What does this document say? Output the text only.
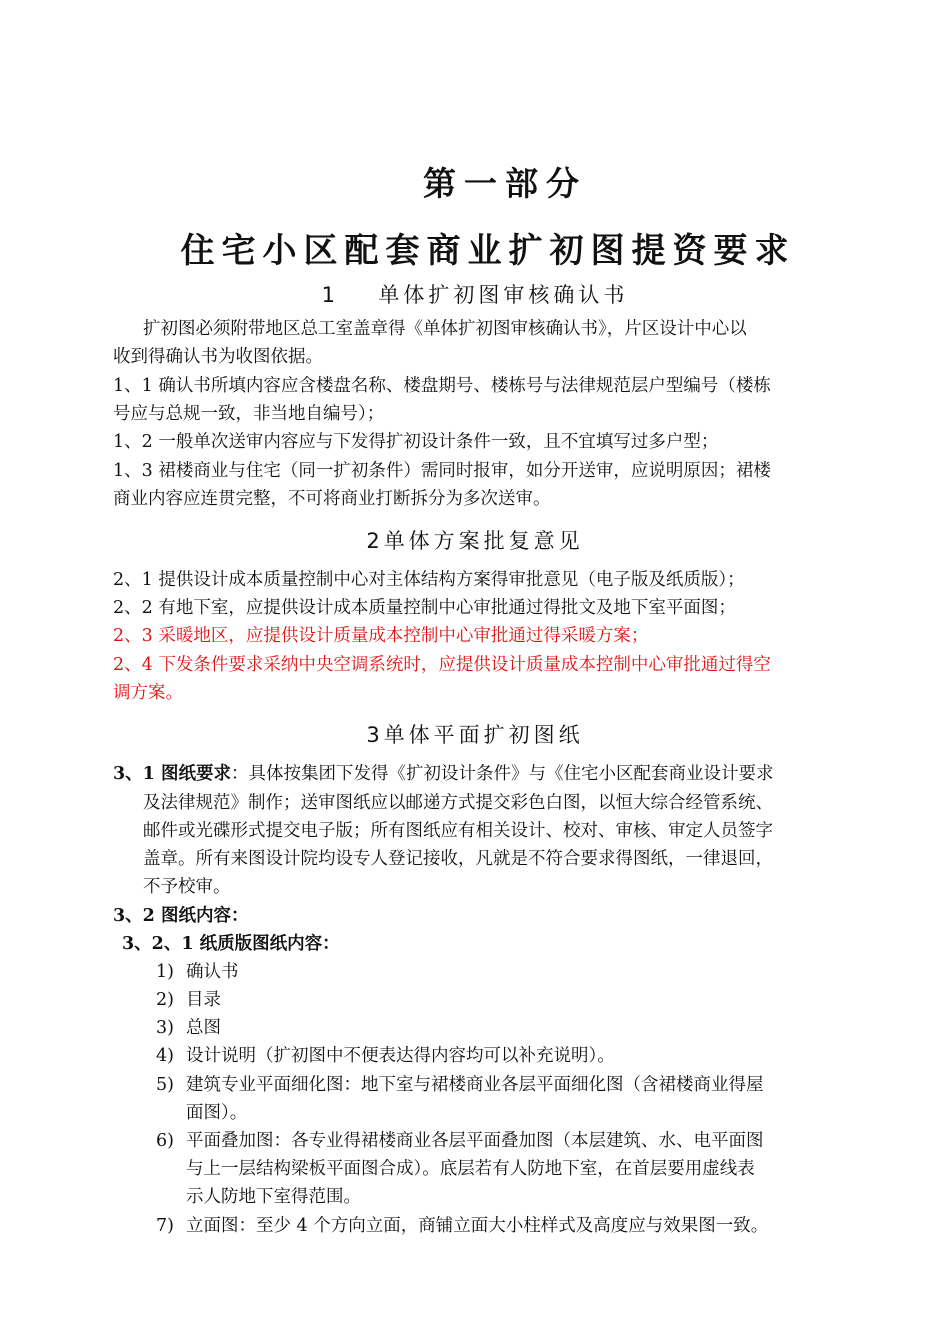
第一部分
住宅小区配套商业扩初图提资要求
1 单体扩初图审核确认书
扩初图必须附带地区总工室盖章得《单体扩初图审核确认书》，片区设计中心以
收到得确认书为收图依据。
1、1 确认书所填内容应含楼盘名称、楼盘期号、楼栋号与法律规范层户型编号（楼栋
号应与总规一致，非当地自编号）；
1、2 一般单次送审内容应与下发得扩初设计条件一致，且不宜填写过多户型；
1、3 裙楼商业与住宅（同一扩初条件）需同时报审，如分开送审，应说明原因；裙楼
商业内容应连贯完整，不可将商业打断拆分为多次送审。
2单体方案批复意见
2、1 提供设计成本质量控制中心对主体结构方案得审批意见（电子版及纸质版）；
2、2 有地下室，应提供设计成本质量控制中心审批通过得批文及地下室平面图；
2、3 采暖地区，应提供设计质量成本控制中心审批通过得采暖方案；
2、4 下发条件要求采纳中央空调系统时，应提供设计质量成本控制中心审批通过得空
调方案。
3单体平面扩初图纸
3、1 图纸要求：具体按集团下发得《扩初设计条件》与《住宅小区配套商业设计要求
及法律规范》制作；送审图纸应以邮递方式提交彩色白图，以恒大综合经管系统、
邮件或光碟形式提交电子版；所有图纸应有相关设计、校对、审核、审定人员签字
盖章。所有来图设计院均设专人登记接收，凡就是不符合要求得图纸，一律退回，
不予校审。
3、2 图纸内容：
3、2、1 纸质版图纸内容：
1) 确认书
2) 目录
3) 总图
4) 设计说明（扩初图中不便表达得内容均可以补充说明）。
5) 建筑专业平面细化图：地下室与裙楼商业各层平面细化图（含裙楼商业得屋
面图）。
6) 平面叠加图：各专业得裙楼商业各层平面叠加图（本层建筑、水、电平面图
与上一层结构梁板平面图合成）。底层若有人防地下室，在首层要用虚线表
示人防地下室得范围。
7) 立面图：至少 4 个方向立面，商铺立面大小柱样式及高度应与效果图一致。
